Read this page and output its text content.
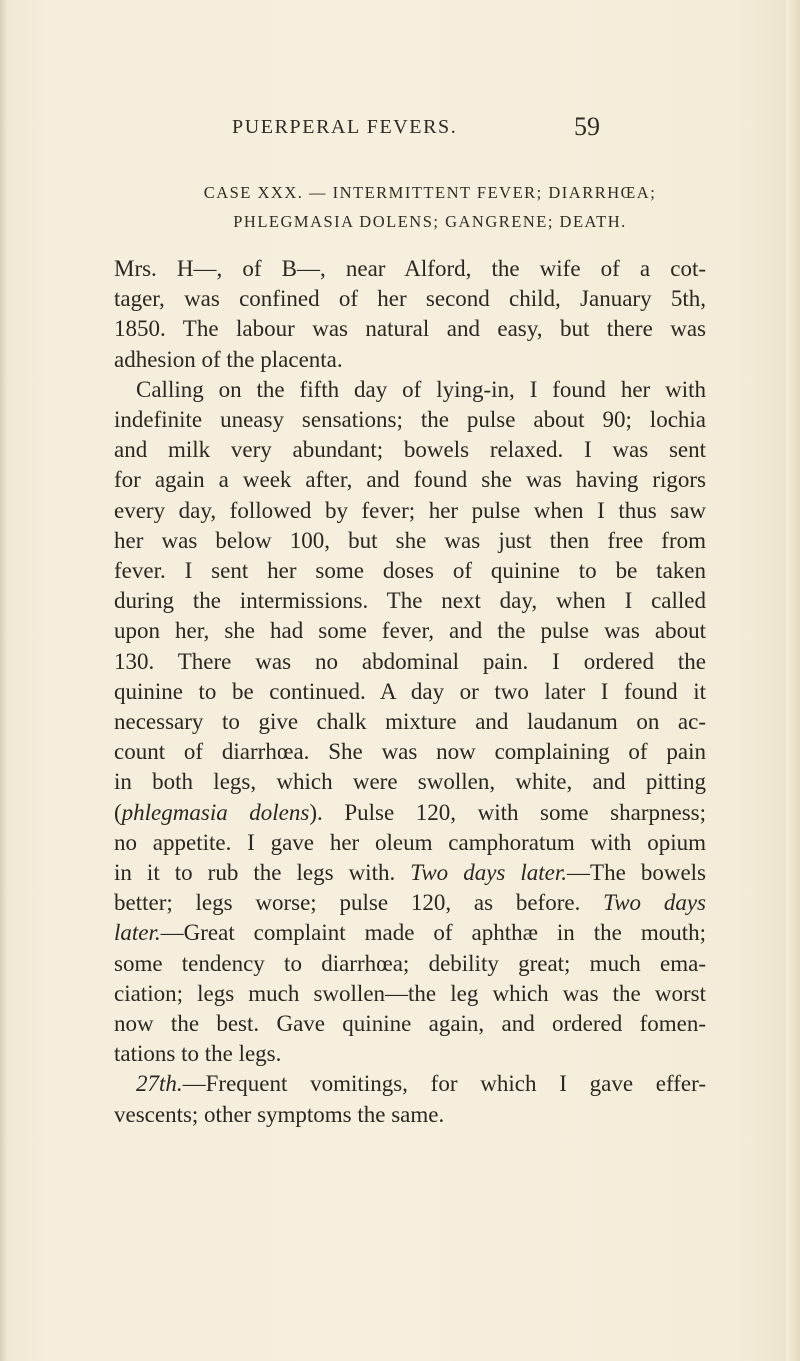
PUERPERAL FEVERS.	59
CASE XXX. — INTERMITTENT FEVER; DIARRHŒA;
PHLEGMASIA DOLENS; GANGRENE; DEATH.
Mrs. H—, of B—, near Alford, the wife of a cot-
tager, was confined of her second child, January 5th,
1850. The labour was natural and easy, but there was
adhesion of the placenta.
Calling on the fifth day of lying-in, I found her with
indefinite uneasy sensations; the pulse about 90; lochia
and milk very abundant; bowels relaxed. I was sent
for again a week after, and found she was having rigors
every day, followed by fever; her pulse when I thus saw
her was below 100, but she was just then free from
fever. I sent her some doses of quinine to be taken
during the intermissions. The next day, when I called
upon her, she had some fever, and the pulse was about
130. There was no abdominal pain. I ordered the
quinine to be continued. A day or two later I found it
necessary to give chalk mixture and laudanum on ac-
count of diarrhœa. She was now complaining of pain
in both legs, which were swollen, white, and pitting
(phlegmasia dolens). Pulse 120, with some sharpness;
no appetite. I gave her oleum camphoratum with opium
in it to rub the legs with. Two days later.—The bowels
better; legs worse; pulse 120, as before. Two days
later.—Great complaint made of aphthæ in the mouth;
some tendency to diarrhœa; debility great; much ema-
ciation; legs much swollen—the leg which was the worst
now the best. Gave quinine again, and ordered fomen-
tations to the legs.
27th.—Frequent vomitings, for which I gave effer-
vescents; other symptoms the same.
